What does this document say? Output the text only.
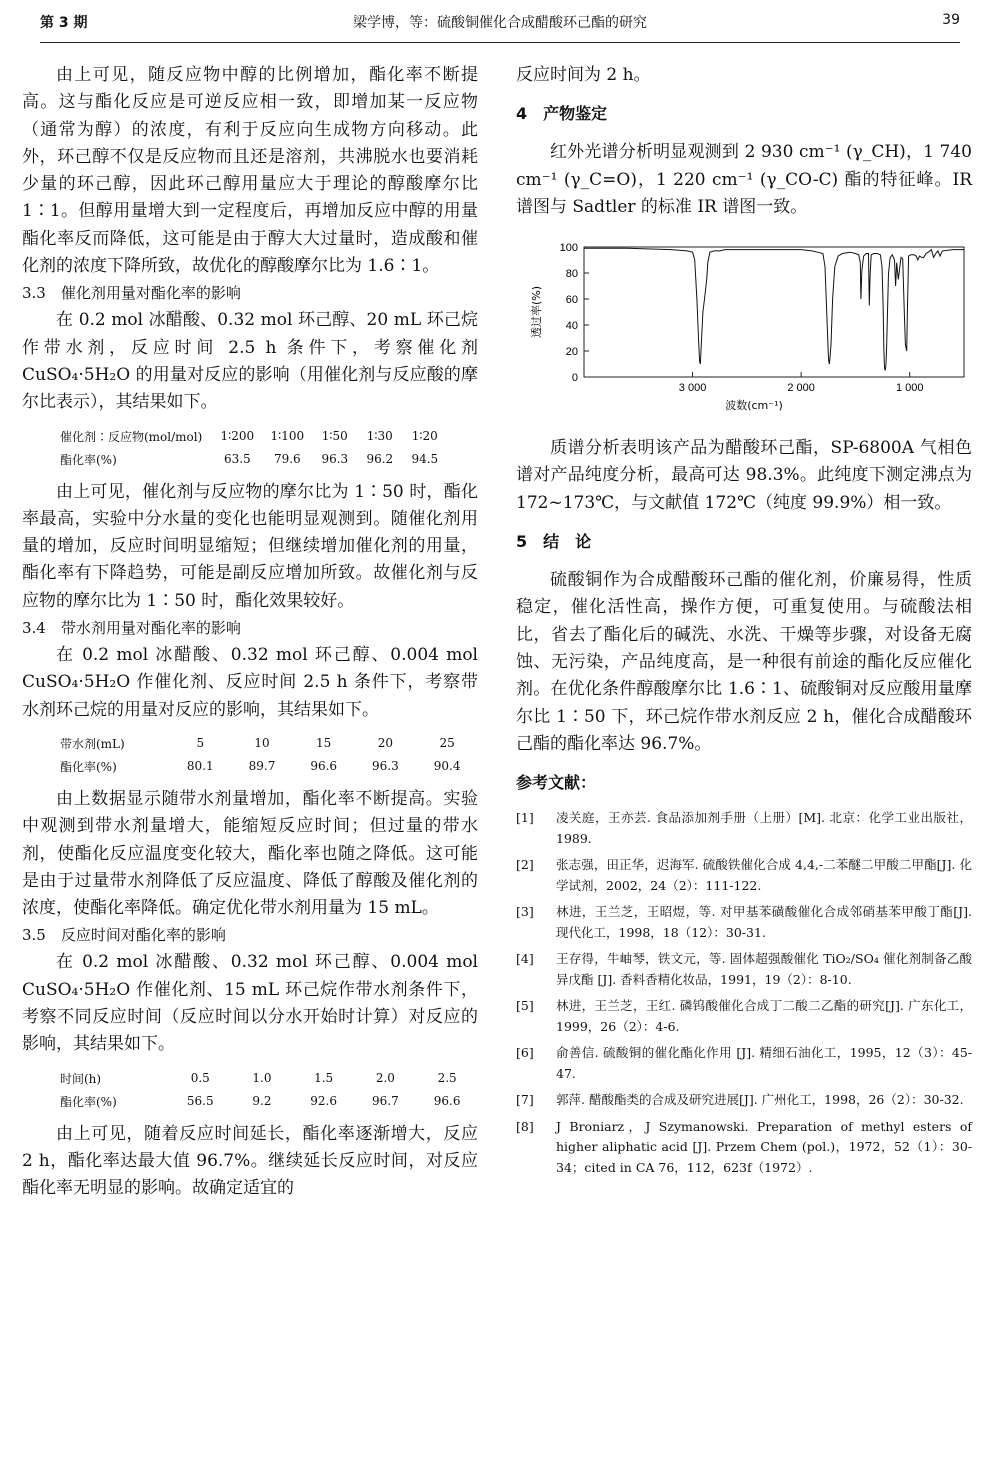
第 3 期	梁学博，等：硫酸铜催化合成醋酸环己酯的研究	39

由上可见，随反应物中醇的比例增加，酯化率不断提高。这与酯化反应是可逆反应相一致，即增加某一反应物（通常为醇）的浓度，有利于反应向生成物方向移动。此外，环己醇不仅是反应物而且还是溶剂，共沸脱水也要消耗少量的环己醇，因此环己醇用量应大于理论的醇酸摩尔比 1∶1。但醇用量增大到一定程度后，再增加反应中醇的用量酯化率反而降低，这可能是由于醇大大过量时，造成酸和催化剂的浓度下降所致，故优化的醇酸摩尔比为 1.6∶1。

3.3　催化剂用量对酯化率的影响

在 0.2 mol 冰醋酸、0.32 mol 环己醇、20 mL 环己烷作带水剂，反应时间 2.5 h 条件下，考察催化剂 CuSO₄·5H₂O 的用量对反应的影响（用催化剂与反应酸的摩尔比表示），其结果如下。

催化剂∶反应物(mol/mol)	1∶200	1∶100	1∶50	1∶30	1∶20
酯化率(%)	63.5	79.6	96.3	96.2	94.5

由上可见，催化剂与反应物的摩尔比为 1∶50 时，酯化率最高，实验中分水量的变化也能明显观测到。随催化剂用量的增加，反应时间明显缩短；但继续增加催化剂的用量，酯化率有下降趋势，可能是副反应增加所致。故催化剂与反应物的摩尔比为 1∶50 时，酯化效果较好。

3.4　带水剂用量对酯化率的影响

在 0.2 mol 冰醋酸、0.32 mol 环己醇、0.004 mol CuSO₄·5H₂O 作催化剂、反应时间 2.5 h 条件下，考察带水剂环己烷的用量对反应的影响，其结果如下。

带水剂(mL)	5	10	15	20	25
酯化率(%)	80.1	89.7	96.6	96.3	90.4

由上数据显示随带水剂量增加，酯化率不断提高。实验中观测到带水剂量增大，能缩短反应时间；但过量的带水剂，使酯化反应温度变化较大，酯化率也随之降低。这可能是由于过量带水剂降低了反应温度、降低了醇酸及催化剂的浓度，使酯化率降低。确定优化带水剂用量为 15 mL。

3.5　反应时间对酯化率的影响

在 0.2 mol 冰醋酸、0.32 mol 环己醇、0.004 mol CuSO₄·5H₂O 作催化剂、15 mL 环己烷作带水剂条件下，考察不同反应时间（反应时间以分水开始时计算）对反应的影响，其结果如下。

时间(h)	0.5	1.0	1.5	2.0	2.5
酯化率(%)	56.5	9.2	92.6	96.7	96.6

由上可见，随着反应时间延长，酯化率逐渐增大，反应 2 h，酯化率达最大值 96.7%。继续延长反应时间，对反应酯化率无明显的影响。故确定适宜的

反应时间为 2 h。

4　产物鉴定

红外光谱分析明显观测到 2 930 cm⁻¹ (γ_CH)，1 740 cm⁻¹ (γ_C=O)，1 220 cm⁻¹ (γ_CO-C) 酯的特征峰。IR 谱图与 Sadtler 的标准 IR 谱图一致。

0
20
40
60
80
100
3 000	2 000	1 000
波数(cm⁻¹)
透过率(%)

质谱分析表明该产品为醋酸环己酯，SP-6800A 气相色谱对产品纯度分析，最高可达 98.3%。此纯度下测定沸点为 172~173℃，与文献值 172℃（纯度 99.9%）相一致。

5　结　论

硫酸铜作为合成醋酸环己酯的催化剂，价廉易得，性质稳定，催化活性高，操作方便，可重复使用。与硫酸法相比，省去了酯化后的碱洗、水洗、干燥等步骤，对设备无腐蚀、无污染，产品纯度高，是一种很有前途的酯化反应催化剂。在优化条件醇酸摩尔比 1.6∶1、硫酸铜对反应酸用量摩尔比 1∶50 下，环己烷作带水剂反应 2 h，催化合成醋酸环己酯的酯化率达 96.7%。

参考文献：
[1]	凌关庭，王亦芸. 食品添加剂手册（上册）[M]. 北京：化学工业出版社，1989.
[2]	张志强，田正华，迟海军. 硫酸铁催化合成 4,4,-二苯醚二甲酸二甲酯[J]. 化学试剂，2002，24（2）：111-122.
[3]	林进，王兰芝，王昭煜，等. 对甲基苯磺酸催化合成邻硝基苯甲酸丁酯[J]. 现代化工，1998，18（12）：30-31.
[4]	王存得，牛岫琴，铁文元，等. 固体超强酸催化 TiO₂/SO₄ 催化剂制备乙酸异戊酯 [J]. 香料香精化妆品，1991，19（2）：8-10.
[5]	林进，王兰芝，王红. 磷钨酸催化合成丁二酸二乙酯的研究[J]. 广东化工，1999，26（2）：4-6.
[6]	俞善信. 硫酸铜的催化酯化作用 [J]. 精细石油化工，1995，12（3）：45-47.
[7]	郭萍. 醋酸酯类的合成及研究进展[J]. 广州化工，1998，26（2）：30-32.
[8]	J Broniarz，J Szymanowski. Preparation of methyl esters of higher aliphatic acid [J]. Przem Chem (pol.)，1972，52（1）：30-34；cited in CA 76，112，623f（1972）.
